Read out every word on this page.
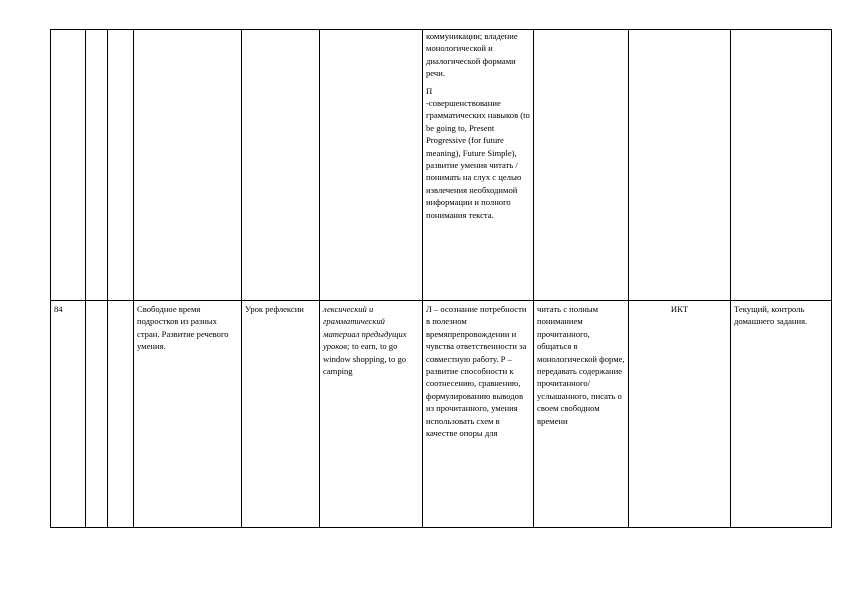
						коммуникации; владение монологической и диалогической формами речи.

П

-совершенствование грамматических навыков (to be going to, Present Progressive (for future meaning), Future Simple), развитие умения читать / понимать на слух с целью извлечения необходимой информации и полного понимания текста.			

84			Свободное время подростков из разных стран. Развитие речевого умения.	Урок рефлексии	лексический и грамматический материал предыдущих уроков; to earn, to go window shopping, to go camping	Л – осознание потребности в полезном времяпрепровождении и чувства ответственности за совместную работу. Р – развитие способности к соотнесению, сравнению, формулированию выводов из прочитанного, умения использовать схем в качестве опоры для	читать с полным пониманием прочитанного, общаться в монологической форме, передавать содержание прочитанного/услышанного, писать о своем свободном времени	ИКТ	Текущий, контроль домашнего задания.
